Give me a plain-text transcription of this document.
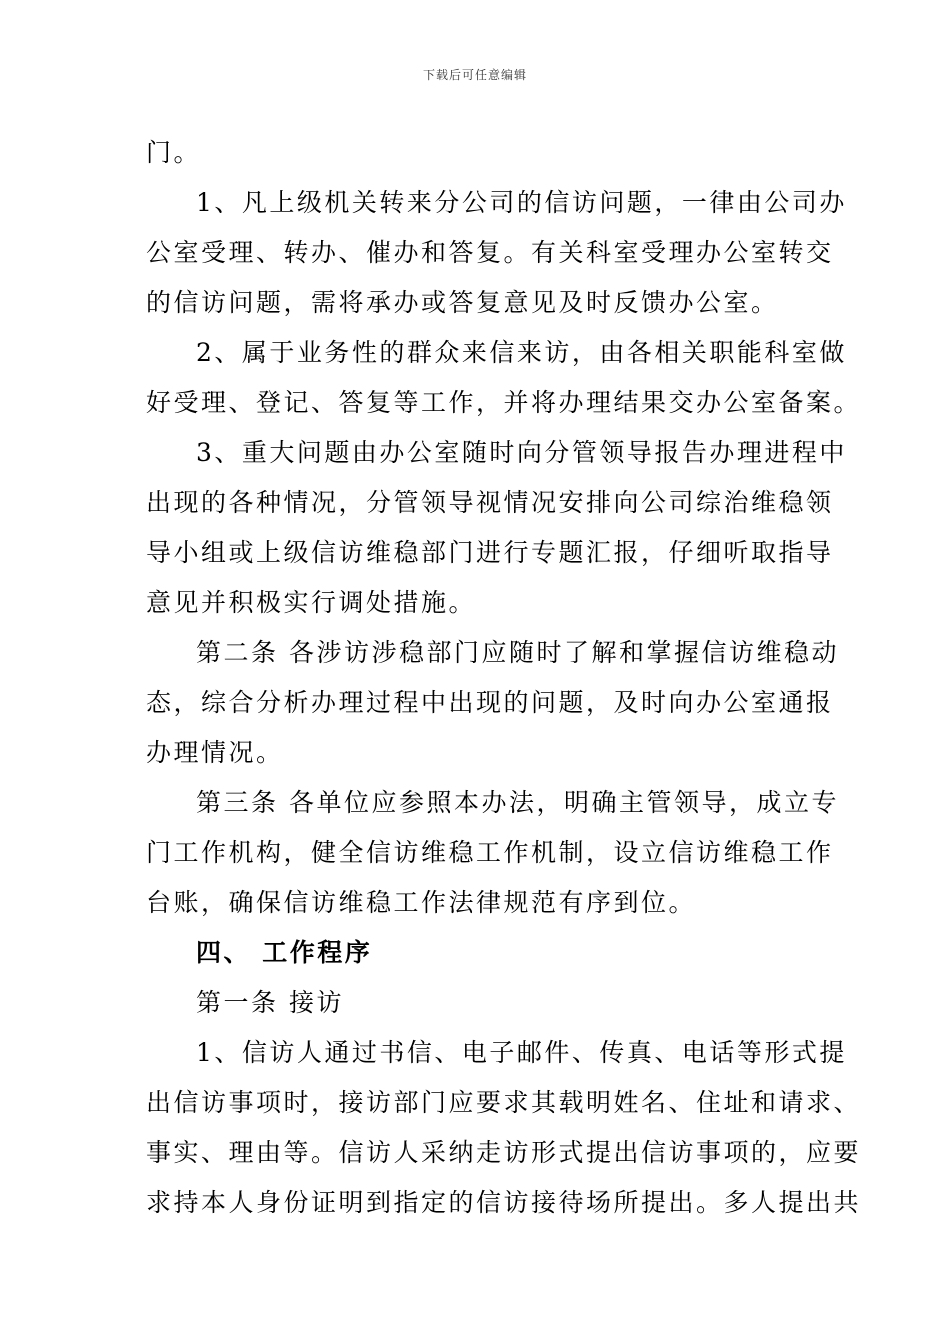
下载后可任意编辑
门。
1、凡上级机关转来分公司的信访问题，一律由公司办
公室受理、转办、催办和答复。有关科室受理办公室转交
的信访问题，需将承办或答复意见及时反馈办公室。
2、属于业务性的群众来信来访，由各相关职能科室做
好受理、登记、答复等工作，并将办理结果交办公室备案。
3、重大问题由办公室随时向分管领导报告办理进程中
出现的各种情况，分管领导视情况安排向公司综治维稳领
导小组或上级信访维稳部门进行专题汇报，仔细听取指导
意见并积极实行调处措施。
第二条 各涉访涉稳部门应随时了解和掌握信访维稳动
态，综合分析办理过程中出现的问题，及时向办公室通报
办理情况。
第三条 各单位应参照本办法，明确主管领导，成立专
门工作机构，健全信访维稳工作机制，设立信访维稳工作
台账，确保信访维稳工作法律规范有序到位。
四、 工作程序
第一条 接访
1、信访人通过书信、电子邮件、传真、电话等形式提
出信访事项时，接访部门应要求其载明姓名、住址和请求、
事实、理由等。信访人采纳走访形式提出信访事项的，应要
求持本人身份证明到指定的信访接待场所提出。多人提出共
